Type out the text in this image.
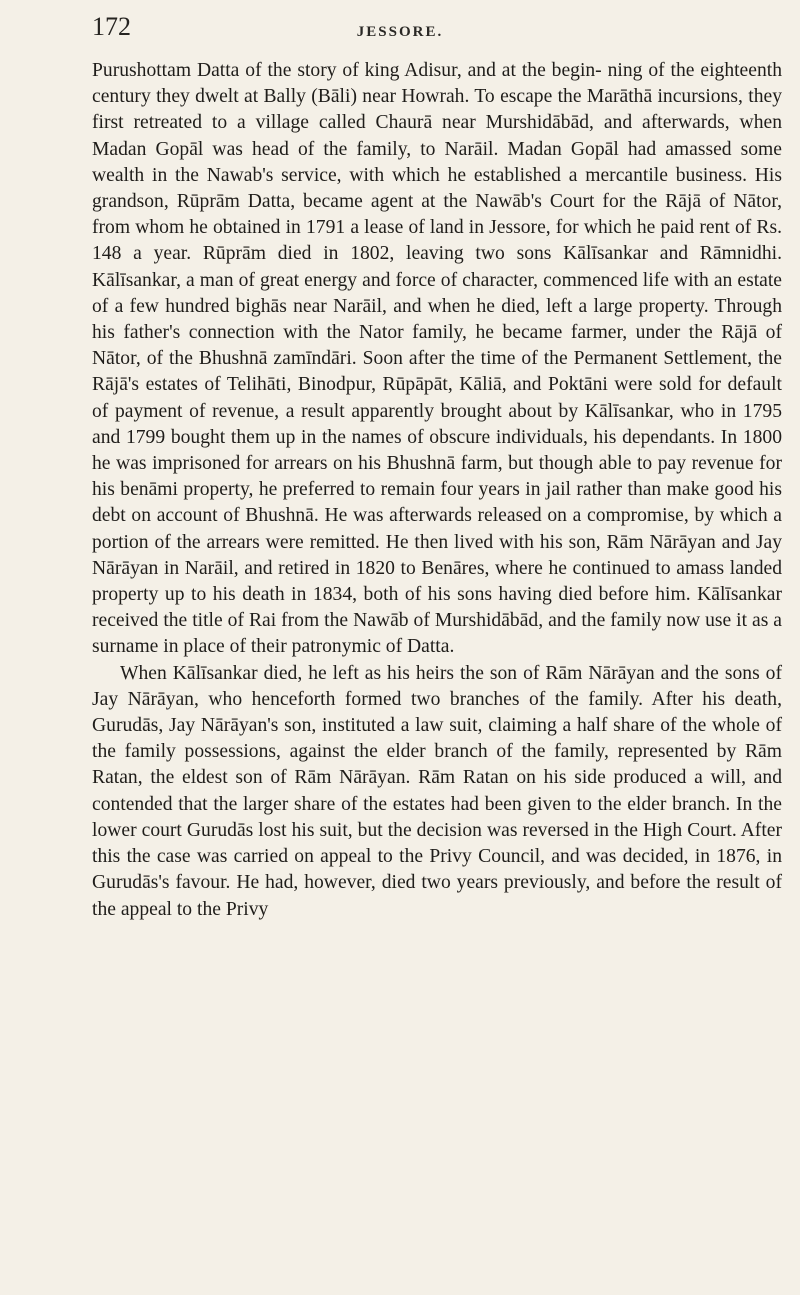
172	JESSORE.

Purushottam Datta of the story of king Adisur, and at the begin- ning of the eighteenth century they dwelt at Bally (Bāli) near Howrah. To escape the Marāthā incursions, they first retreated to a village called Chaurā near Murshidābād, and afterwards, when Madan Gopāl was head of the family, to Narāil. Madan Gopāl had amassed some wealth in the Nawab's service, with which he established a mercantile business. His grandson, Rūprām Datta, became agent at the Nawāb's Court for the Rājā of Nātor, from whom he obtained in 1791 a lease of land in Jessore, for which he paid rent of Rs. 148 a year. Rūprām died in 1802, leaving two sons Kālīsankar and Rāmnidhi. Kālīsankar, a man of great energy and force of character, commenced life with an estate of a few hundred bighās near Narāil, and when he died, left a large property. Through his father's connection with the Nator family, he became farmer, under the Rājā of Nātor, of the Bhushnā zamīndāri. Soon after the time of the Permanent Settlement, the Rājā's estates of Telihāti, Binodpur, Rūpāpāt, Kāliā, and Poktāni were sold for default of payment of revenue, a result apparently brought about by Kālīsankar, who in 1795 and 1799 bought them up in the names of obscure individuals, his dependants. In 1800 he was imprisoned for arrears on his Bhushnā farm, but though able to pay revenue for his benāmi property, he preferred to remain four years in jail rather than make good his debt on account of Bhushnā. He was afterwards released on a compromise, by which a portion of the arrears were remitted. He then lived with his son, Rām Nārāyan and Jay Nārāyan in Narāil, and retired in 1820 to Benāres, where he continued to amass landed property up to his death in 1834, both of his sons having died before him. Kālīsankar received the title of Rai from the Nawāb of Murshidābād, and the family now use it as a surname in place of their patronymic of Datta.

When Kālīsankar died, he left as his heirs the son of Rām Nārāyan and the sons of Jay Nārāyan, who henceforth formed two branches of the family. After his death, Gurudās, Jay Nārāyan's son, instituted a law suit, claiming a half share of the whole of the family possessions, against the elder branch of the family, represented by Rām Ratan, the eldest son of Rām Nārāyan. Rām Ratan on his side produced a will, and contended that the larger share of the estates had been given to the elder branch. In the lower court Gurudās lost his suit, but the decision was reversed in the High Court. After this the case was carried on appeal to the Privy Council, and was decided, in 1876, in Gurudās's favour. He had, however, died two years previously, and before the result of the appeal to the Privy
